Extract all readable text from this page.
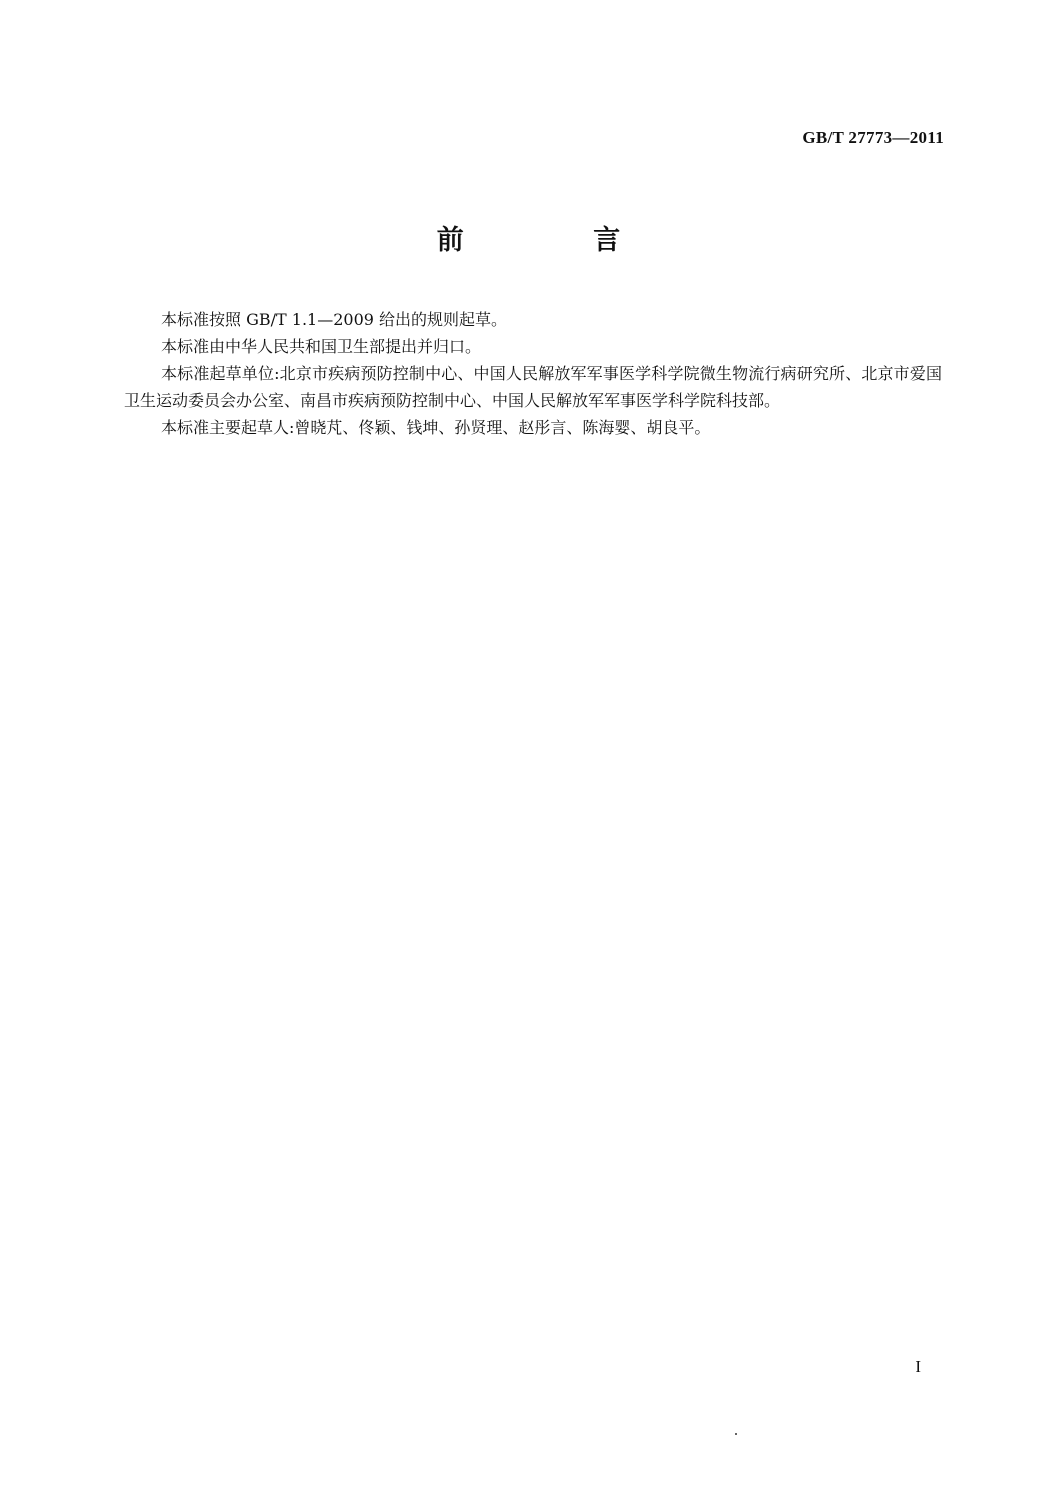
GB/T 27773—2011
前 言

本标准按照 GB/T 1.1—2009 给出的规则起草。

本标准由中华人民共和国卫生部提出并归口。

本标准起草单位:北京市疾病预防控制中心、中国人民解放军军事医学科学院微生物流行病研究所、北京市爱国卫生运动委员会办公室、南昌市疾病预防控制中心、中国人民解放军军事医学科学院科技部。

本标准主要起草人:曾晓芃、佟颖、钱坤、孙贤理、赵彤言、陈海婴、胡良平。

I
